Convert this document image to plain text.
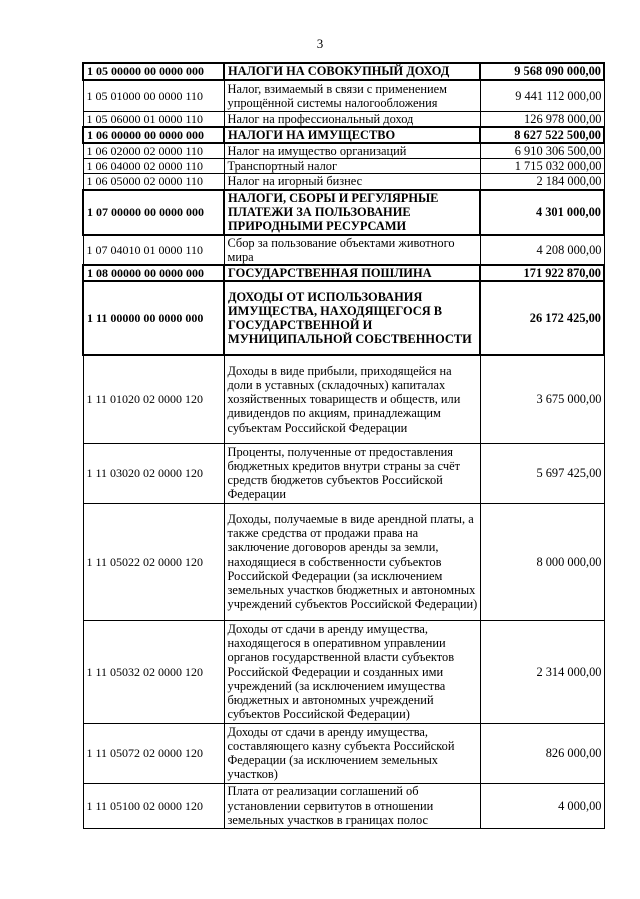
3
1 05 00000 00 0000 000	НАЛОГИ НА СОВОКУПНЫЙ ДОХОД	9 568 090 000,00
1 05 01000 00 0000 110	Налог, взимаемый в связи с применением упрощённой системы налогообложения	9 441 112 000,00
1 05 06000 01 0000 110	Налог на профессиональный доход	126 978 000,00
1 06 00000 00 0000 000	НАЛОГИ НА ИМУЩЕСТВО	8 627 522 500,00
1 06 02000 02 0000 110	Налог на имущество организаций	6 910 306 500,00
1 06 04000 02 0000 110	Транспортный налог	1 715 032 000,00
1 06 05000 02 0000 110	Налог на игорный бизнес	2 184 000,00
1 07 00000 00 0000 000	НАЛОГИ, СБОРЫ И РЕГУЛЯРНЫЕ ПЛАТЕЖИ ЗА ПОЛЬЗОВАНИЕ ПРИРОДНЫМИ РЕСУРСАМИ	4 301 000,00
1 07 04010 01 0000 110	Сбор за пользование объектами животного мира	4 208 000,00
1 08 00000 00 0000 000	ГОСУДАРСТВЕННАЯ ПОШЛИНА	171 922 870,00
1 11 00000 00 0000 000	ДОХОДЫ ОТ ИСПОЛЬЗОВАНИЯ ИМУЩЕСТВА, НАХОДЯЩЕГОСЯ В ГОСУДАРСТВЕННОЙ И МУНИЦИПАЛЬНОЙ СОБСТВЕННОСТИ	26 172 425,00
1 11 01020 02 0000 120	Доходы в виде прибыли, приходящейся на доли в уставных (складочных) капиталах хозяйственных товариществ и обществ, или дивидендов по акциям, принадлежащим субъектам Российской Федерации	3 675 000,00
1 11 03020 02 0000 120	Проценты, полученные от предоставления бюджетных кредитов внутри страны за счёт средств бюджетов субъектов Российской Федерации	5 697 425,00
1 11 05022 02 0000 120	Доходы, получаемые в виде арендной платы, а также средства от продажи права на заключение договоров аренды за земли, находящиеся в собственности субъектов Российской Федерации (за исключением земельных участков бюджетных и автономных учреждений субъектов Российской Федерации)	8 000 000,00
1 11 05032 02 0000 120	Доходы от сдачи в аренду имущества, находящегося в оперативном управлении органов государственной власти субъектов Российской Федерации и созданных ими учреждений (за исключением имущества бюджетных и автономных учреждений субъектов Российской Федерации)	2 314 000,00
1 11 05072 02 0000 120	Доходы от сдачи в аренду имущества, составляющего казну субъекта Российской Федерации (за исключением земельных участков)	826 000,00
1 11 05100 02 0000 120	Плата от реализации соглашений об установлении сервитутов в отношении земельных участков в границах полос	4 000,00
